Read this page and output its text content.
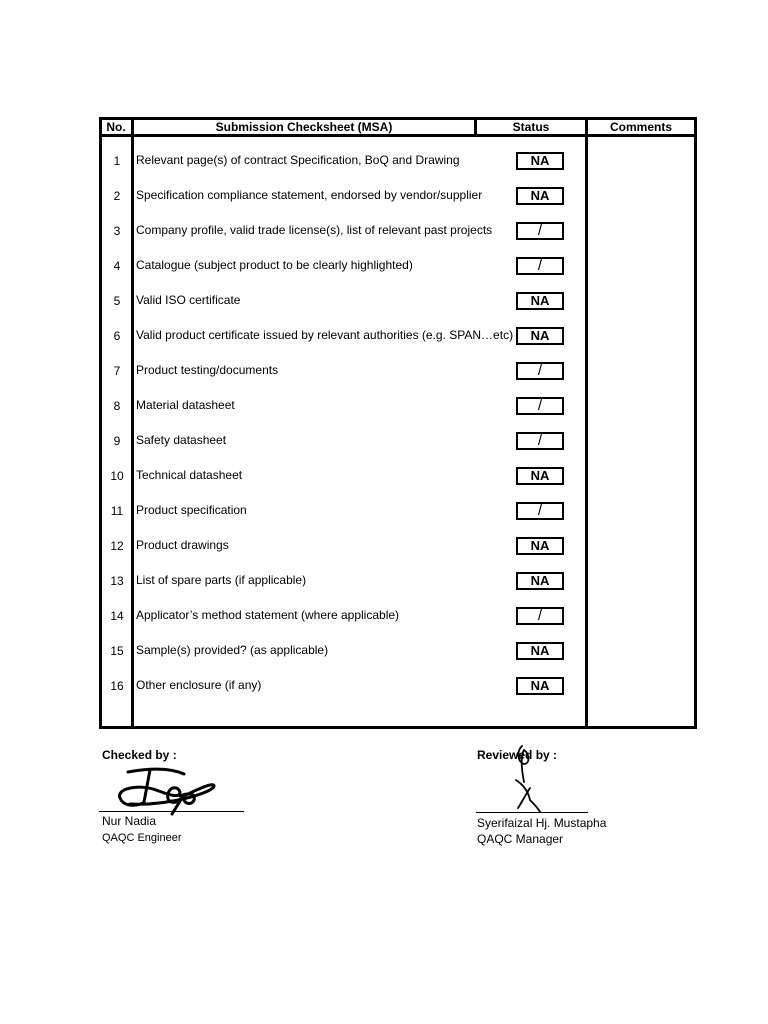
No.	Submission Checksheet (MSA)	Status	Comments
1	Relevant page(s) of contract Specification, BoQ and Drawing	NA
2	Specification compliance statement, endorsed by vendor/supplier	NA
3	Company profile, valid trade license(s), list of relevant past projects	/
4	Catalogue (subject product to be clearly highlighted)	/
5	Valid ISO certificate	NA
6	Valid product certificate issued by relevant authorities (e.g. SPAN…etc)	NA
7	Product testing/documents	/
8	Material datasheet	/
9	Safety datasheet	/
10	Technical datasheet	NA
11	Product specification	/
12	Product drawings	NA
13	List of spare parts (if applicable)	NA
14	Applicator’s method statement (where applicable)	/
15	Sample(s) provided? (as applicable)	NA
16	Other enclosure (if any)	NA
Checked by :
Nur Nadia
QAQC Engineer
Reviewed by :
Syerifaizal Hj. Mustapha
QAQC Manager
